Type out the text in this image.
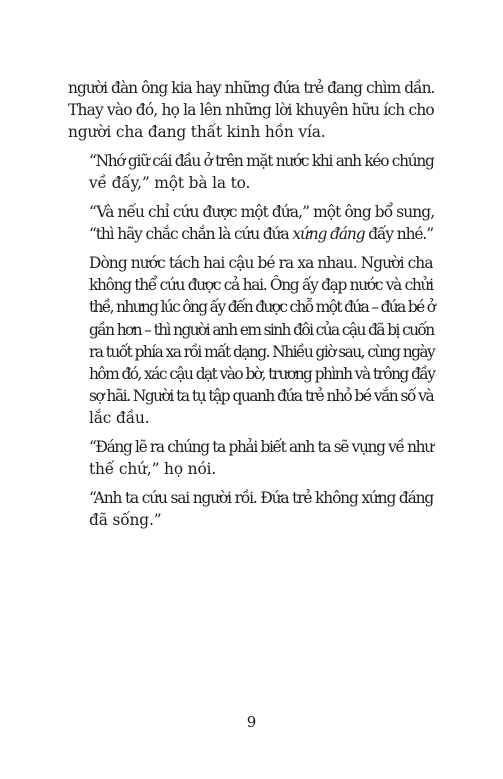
người đàn ông kia hay những đứa trẻ đang chìm dần.
Thay vào đó, họ la lên những lời khuyên hữu ích cho
người cha đang thất kinh hồn vía.

“Nhớ giữ cái đầu ở trên mặt nước khi anh kéo chúng
về đấy,” một bà la to.

“Và nếu chỉ cứu được một đứa,” một ông bổ sung,
“thì hãy chắc chắn là cứu đứa xứng đáng đấy nhé.”

Dòng nước tách hai cậu bé ra xa nhau. Người cha
không thể cứu được cả hai. Ông ấy đạp nước và chửi
thề, nhưng lúc ông ấy đến được chỗ một đứa – đứa bé ở
gần hơn – thì người anh em sinh đôi của cậu đã bị cuốn
ra tuốt phía xa rồi mất dạng. Nhiều giờ sau, cùng ngày
hôm đó, xác cậu dạt vào bờ, trương phình và trông đầy
sợ hãi. Người ta tụ tập quanh đứa trẻ nhỏ bé vắn số và
lắc đầu.

“Đáng lẽ ra chúng ta phải biết anh ta sẽ vụng về như
thế chứ,” họ nói.

“Anh ta cứu sai người rồi. Đứa trẻ không xứng đáng
đã sống.”

9
